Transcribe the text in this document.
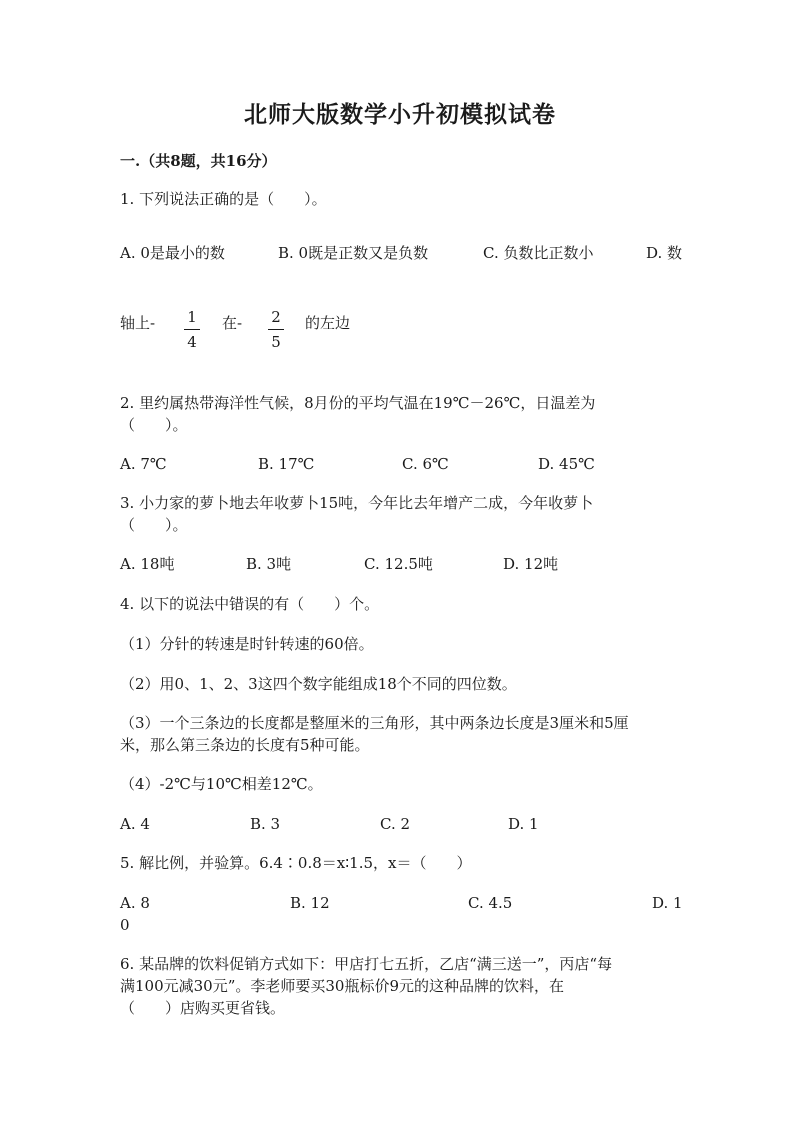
北师大版数学小升初模拟试卷
一.（共8题，共16分）
1. 下列说法正确的是（　　）。
A. 0是最小的数	B. 0既是正数又是负数	C. 负数比正数小	D. 数
轴上-	1
4
在-	2
5
的左边
2. 里约属热带海洋性气候，8月份的平均气温在19℃－26℃，日温差为
（　　）。
A. 7℃	B. 17℃	C. 6℃	D. 45℃
3. 小力家的萝卜地去年收萝卜15吨，今年比去年增产二成，今年收萝卜
（　　）。
A. 18吨	B. 3吨	C. 12.5吨	D. 12吨
4. 以下的说法中错误的有（　　）个。
（1）分针的转速是时针转速的60倍。
（2）用0、1、2、3这四个数字能组成18个不同的四位数。
（3）一个三条边的长度都是整厘米的三角形，其中两条边长度是3厘米和5厘
米，那么第三条边的长度有5种可能。
（4）-2℃与10℃相差12℃。
A. 4	B. 3	C. 2	D. 1
5. 解比例，并验算。6.4∶0.8＝x∶1.5，x＝（　　）
A. 8	B. 12	C. 4.5	D. 1
0
6. 某品牌的饮料促销方式如下：甲店打七五折，乙店“满三送一”，丙店“每
满100元减30元”。李老师要买30瓶标价9元的这种品牌的饮料，在
（　　）店购买更省钱。
